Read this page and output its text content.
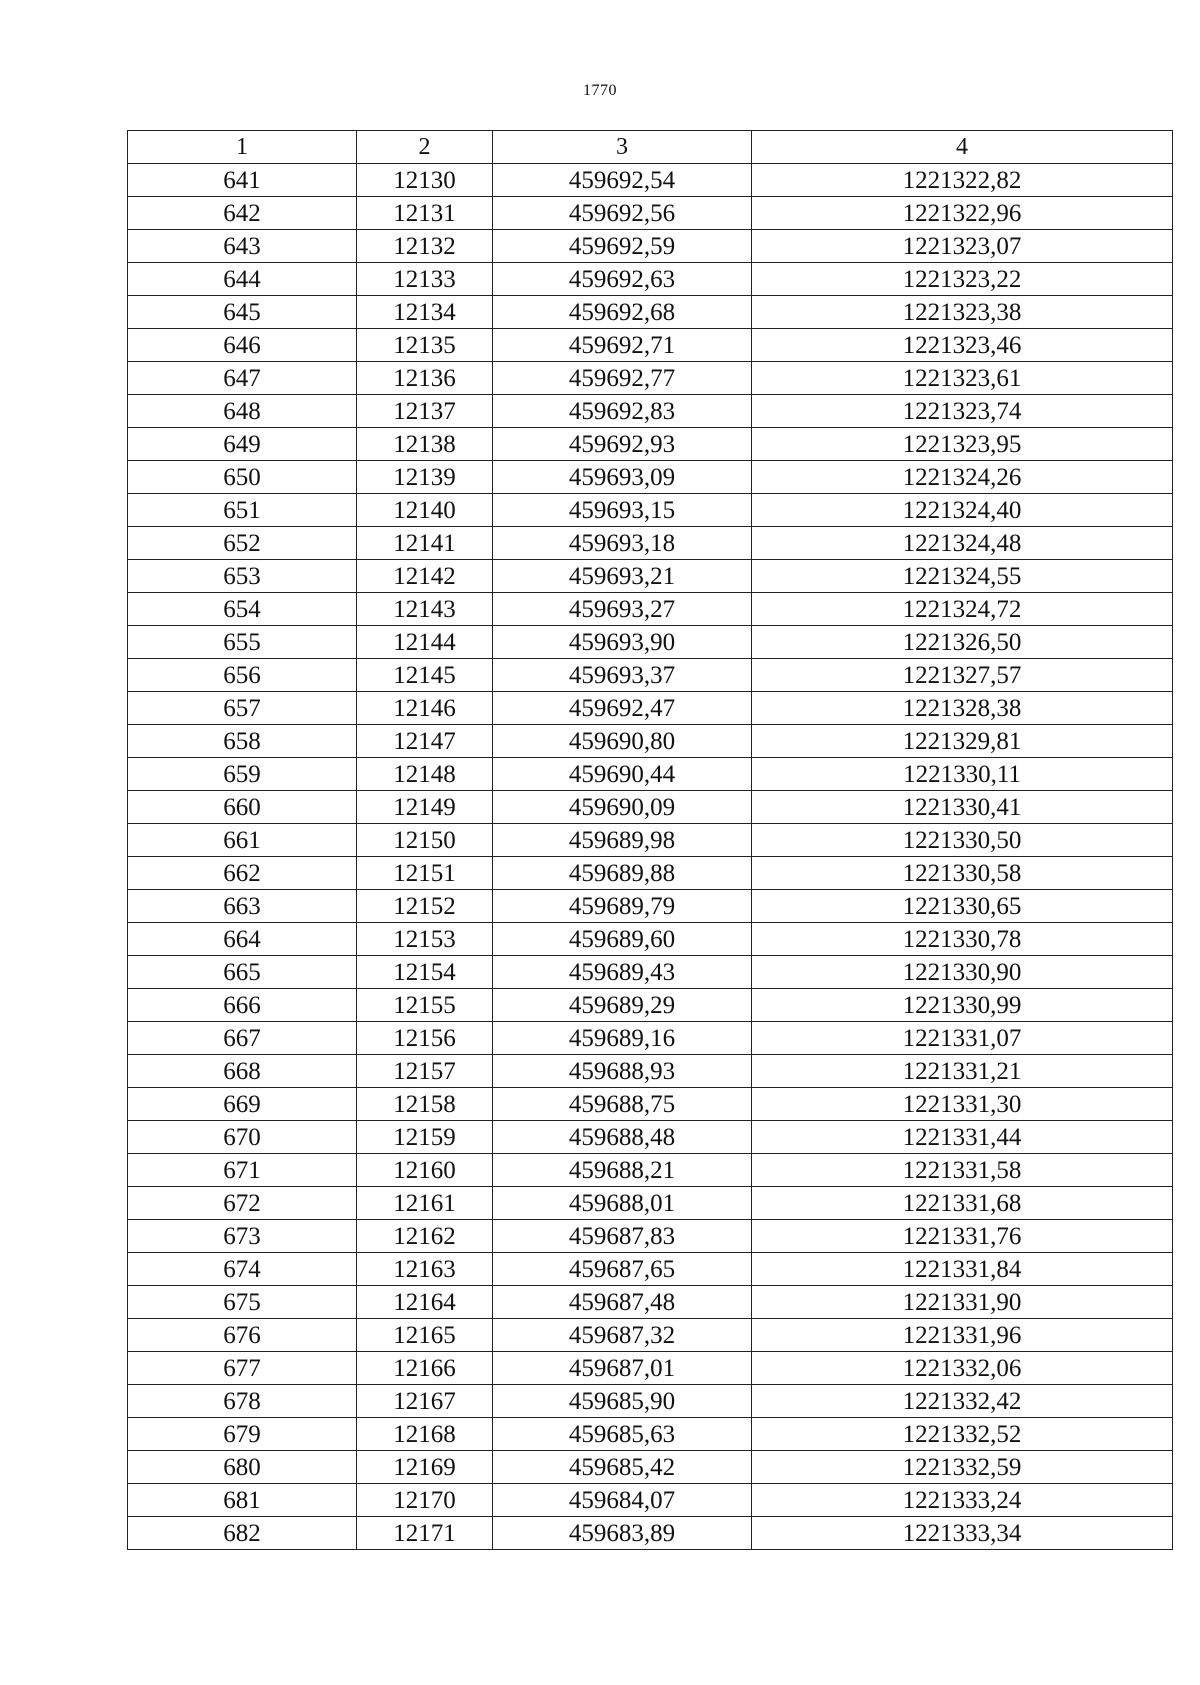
1770
1	2	3	4
641	12130	459692,54	1221322,82
642	12131	459692,56	1221322,96
643	12132	459692,59	1221323,07
644	12133	459692,63	1221323,22
645	12134	459692,68	1221323,38
646	12135	459692,71	1221323,46
647	12136	459692,77	1221323,61
648	12137	459692,83	1221323,74
649	12138	459692,93	1221323,95
650	12139	459693,09	1221324,26
651	12140	459693,15	1221324,40
652	12141	459693,18	1221324,48
653	12142	459693,21	1221324,55
654	12143	459693,27	1221324,72
655	12144	459693,90	1221326,50
656	12145	459693,37	1221327,57
657	12146	459692,47	1221328,38
658	12147	459690,80	1221329,81
659	12148	459690,44	1221330,11
660	12149	459690,09	1221330,41
661	12150	459689,98	1221330,50
662	12151	459689,88	1221330,58
663	12152	459689,79	1221330,65
664	12153	459689,60	1221330,78
665	12154	459689,43	1221330,90
666	12155	459689,29	1221330,99
667	12156	459689,16	1221331,07
668	12157	459688,93	1221331,21
669	12158	459688,75	1221331,30
670	12159	459688,48	1221331,44
671	12160	459688,21	1221331,58
672	12161	459688,01	1221331,68
673	12162	459687,83	1221331,76
674	12163	459687,65	1221331,84
675	12164	459687,48	1221331,90
676	12165	459687,32	1221331,96
677	12166	459687,01	1221332,06
678	12167	459685,90	1221332,42
679	12168	459685,63	1221332,52
680	12169	459685,42	1221332,59
681	12170	459684,07	1221333,24
682	12171	459683,89	1221333,34
